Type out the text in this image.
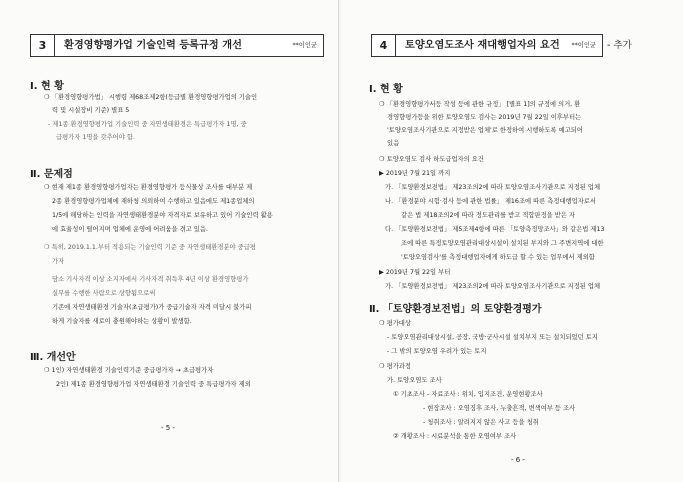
3	환경영향평가업 기술인력 등록규정 개선	**이인균
Ⅰ. 현 황
❍ 「환경영향평가법」 시행령 제68조제2항(등급별 환경영향평가업의 기술인
력 및 시설장비 기준) 별표 5
- 제1종 환경영향평가업 기술인력 중 자연생태환경은 특급평가자 1명, 중
급평가자 1명을 갖추어야 함.
Ⅱ. 문제점
❍ 현재 제1종 환경영향평가업자는 환경영향평가 등식물상 조사를 대부분 제
2종 환경영향평가업체에 재하청 의뢰하여 수행하고 있음에도 제1종업체의
1/5에 해당하는 인력을 자연생태환경분야 자격자로 보유하고 있어 기술인력 활용
에 효율성이 떨어지며 업체에 운영에 어려움을 겪고 있음.
❍ 특히, 2019.1.1.부터 적용되는 기술인력 기준 중 자연생태환경분야 중급평
가자
담소 기사자격 이상 소지자에서 기사자격 취득후 4년 이상 환경영향평가
실무를 수행한 사람으로 상향됨으로써
기존에 자연생태환경 기술자(초급평가)가 중급기술자 자격 미달시 불가피
하게 기술자를 새로이 충원해야하는 상황이 발생함.
Ⅲ. 개선안
❍ 1인) 자연생태환경 기술인력기준 중급평가자 → 초급평가자
2인) 제1종 환경영향평가업 자연생태환경 기술인력 중 특급평가자 제외
- 5 -
4	토양오염도조사 재대행업자의 요건 **이인균 - 추가
Ⅰ. 현 황
❍ 「환경영향평가서등 작성 등에 관한 규정」 [별표 1]의 규정에 의거, 환
경영향평가등을 위한 토양오염도 검사는 2019년 7월 22일 이후부터는
'토양오염조사기관으로 지정받은 업체'로 한정하여 시행하도록 예고되어
있음
❍ 토양오염도 검사 하도급업자의 요건
▶ 2019년 7월 21일 까지
가. 「토양환경보전법」 제23조의2에 따라 토양오염조사기관으로 지정된 업체
나. 「환경분야 시험·검사 등에 관한 법률」 제16조에 따른 측정대행업자로서
같은 법 제18조의2에 따라 정도관리를 받고 적합판정을 받은 자
다. 「토양환경보전법」 제5조제4항에 따른 「토양측정망조사」와 같은법 제13
조에 따른 특정토양오염관리대상시설이 설치된 부지와 그 주변지역에 대한
'토양오염검사'를 측정대행업자에게 하도급 할 수 있는 업무에서 제외함
▶ 2019년 7월 22일 부터
가. 「토양환경보전법」 제23조의2에 따라 토양오염조사기관으로 지정된 업체
Ⅱ. 「토양환경보전법」의 토양환경평가
❍ 평가대상
- 토양오염관리대상시설, 공장, 국방·군사시설 설치부지 또는 설치되었던 토지
- 그 밖의 토양오염 우려가 있는 토지
❍ 평가과정
가. 토양오염도 조사
① 기초조사 - 자료조사 : 위치, 입지조건, 운영현황조사
- 현장조사 : 오염징후 조사, 누출흔적, 변색여부 등 조사
- 청취조사 : 알려지지 않은 사고 등을 청취
② 개황조사 : 시료분석을 통한 오염여부 조사
- 6 -
